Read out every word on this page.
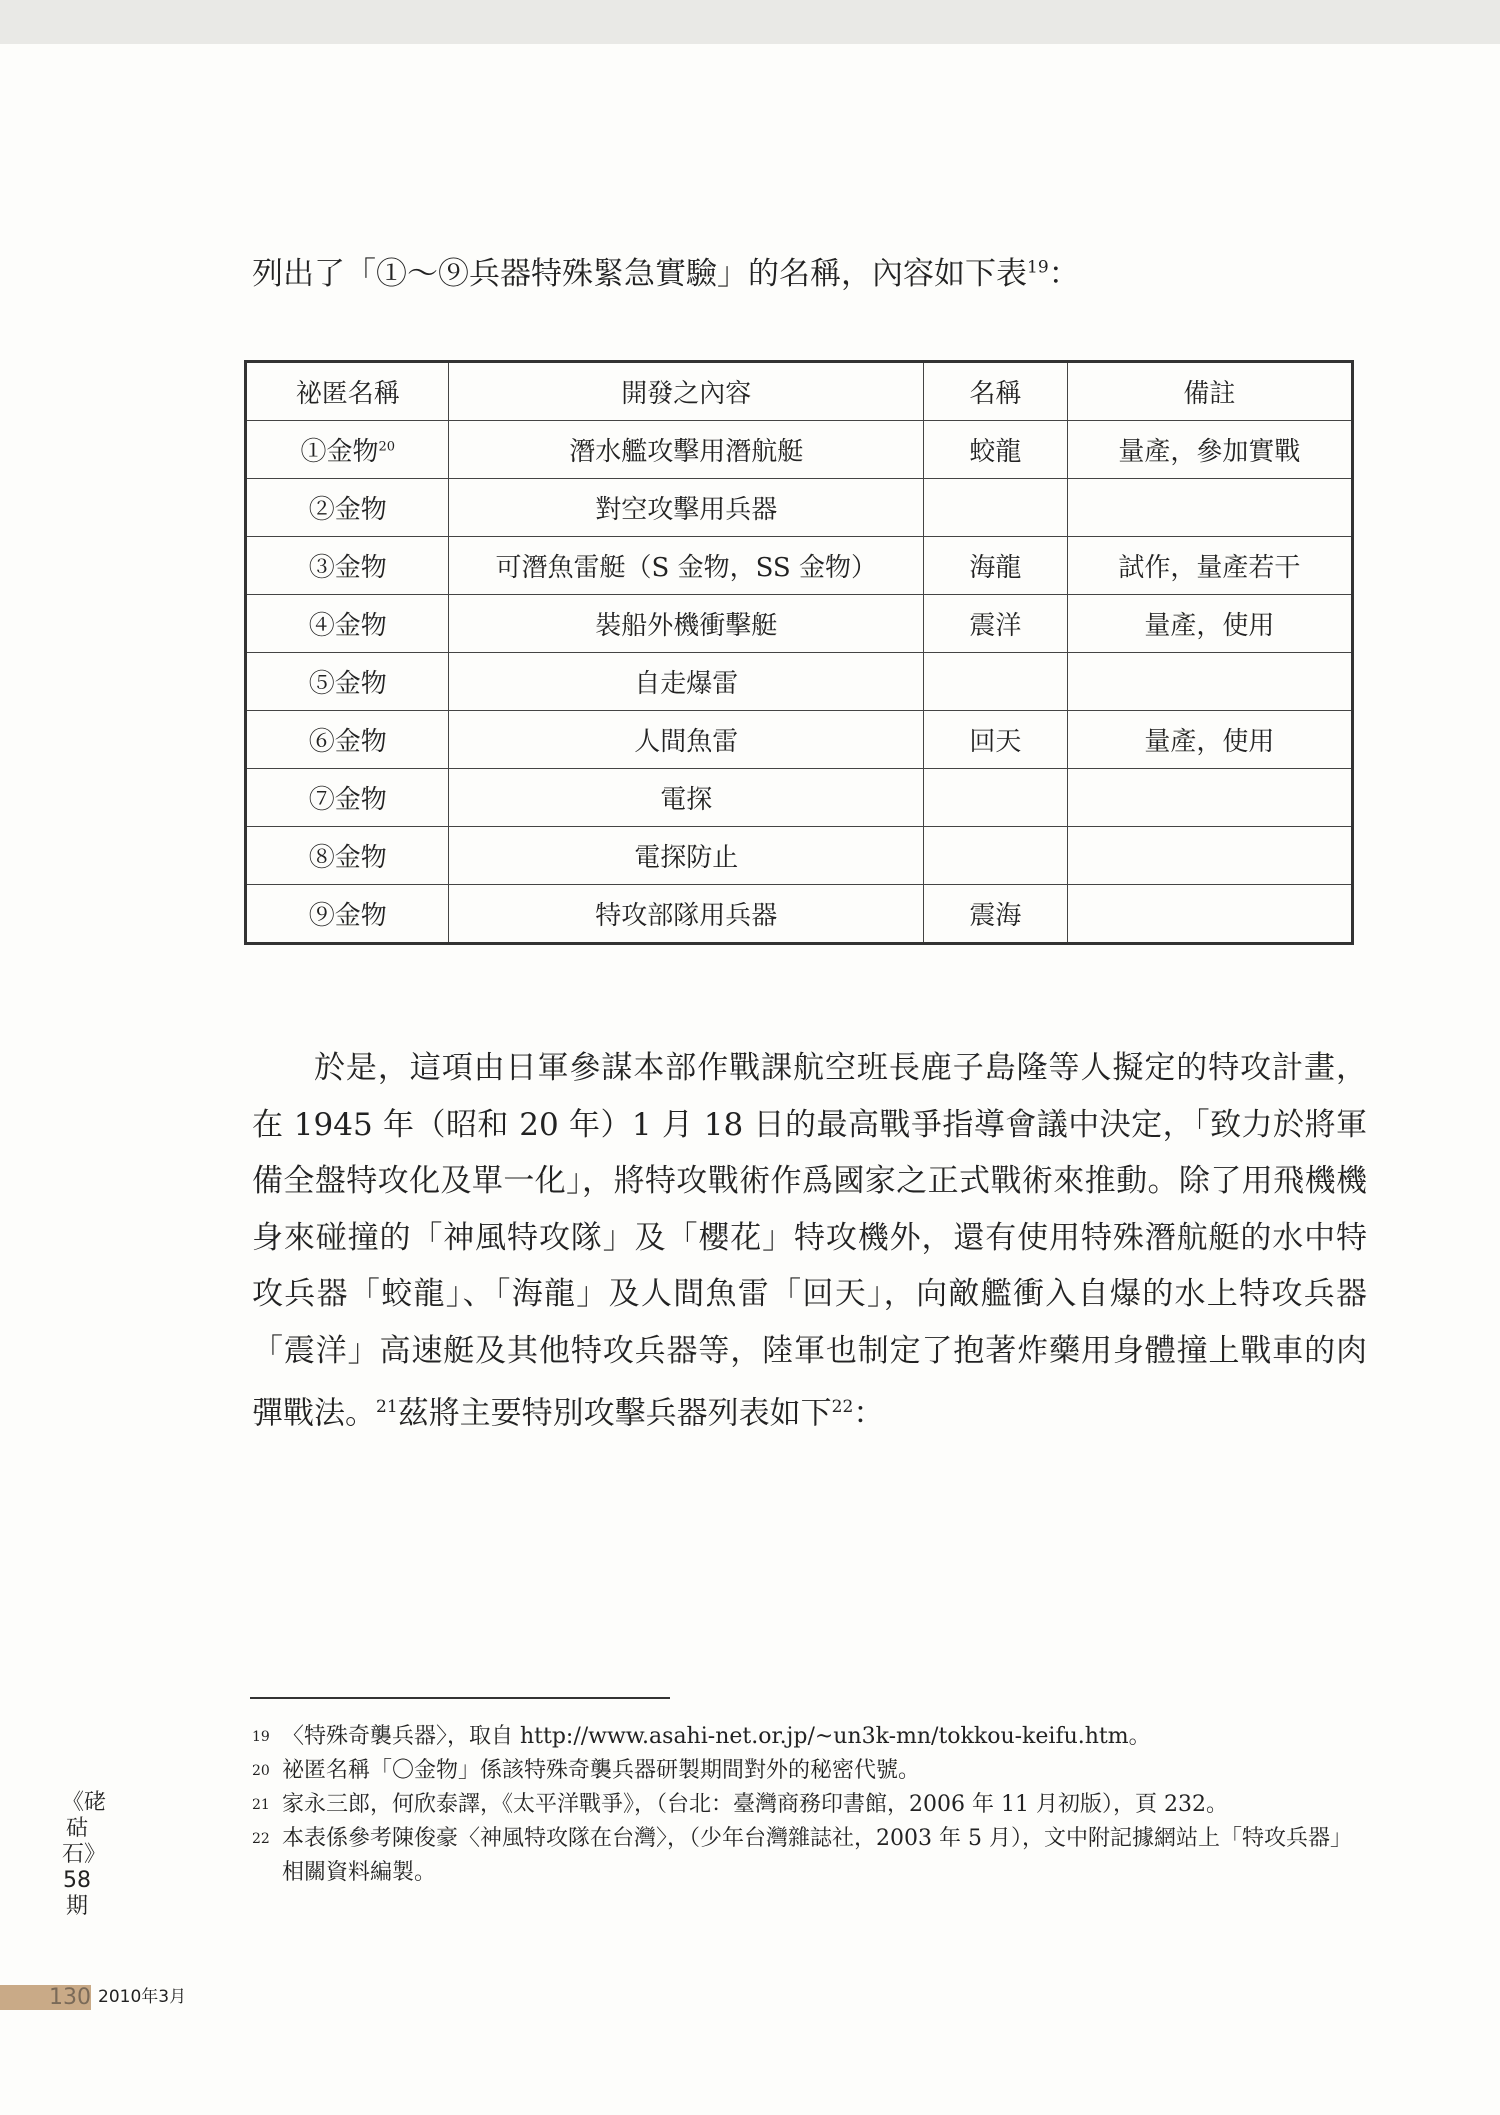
列出了「①～⑨兵器特殊緊急實驗」的名稱，內容如下表$^{19}$：
祕匿名稱	開發之內容	名稱	備註
①金物$^{20}$	潛水艦攻擊用潛航艇	蛟龍	量產，參加實戰
②金物	對空攻擊用兵器		
③金物	可潛魚雷艇（S 金物，SS 金物）	海龍	試作，量產若干
④金物	裝船外機衝擊艇	震洋	量產，使用
⑤金物	自走爆雷		
⑥金物	人間魚雷	回天	量產，使用
⑦金物	電探		
⑧金物	電探防止		
⑨金物	特攻部隊用兵器	震海	
於是，這項由日軍參謀本部作戰課航空班長鹿子島隆等人擬定的特攻計畫，在 1945 年（昭和 20 年）1 月 18 日的最高戰爭指導會議中決定，「致力於將軍備全盤特攻化及單一化」，將特攻戰術作爲國家之正式戰術來推動。除了用飛機機身來碰撞的「神風特攻隊」及「櫻花」特攻機外，還有使用特殊潛航艇的水中特攻兵器「蛟龍」、「海龍」及人間魚雷「回天」，向敵艦衝入自爆的水上特攻兵器「震洋」高速艇及其他特攻兵器等，陸軍也制定了抱著炸藥用身體撞上戰車的肉彈戰法。$^{21}$茲將主要特別攻擊兵器列表如下$^{22}$：
$^{19}$ 〈特殊奇襲兵器〉，取自 http://www.asahi-net.or.jp/~un3k-mn/tokkou-keifu.htm。
$^{20}$ 祕匿名稱「〇金物」係該特殊奇襲兵器研製期間對外的秘密代號。
$^{21}$ 家永三郎，何欣泰譯，《太平洋戰爭》，（台北：臺灣商務印書館，2006 年 11 月初版），頁 232。
$^{22}$ 本表係參考陳俊豪〈神風特攻隊在台灣〉，（少年台灣雜誌社，2003 年 5 月），文中附記據網站上「特攻兵器」相關資料編製。
《硓𥑮石》
58期
130 2010年3月
